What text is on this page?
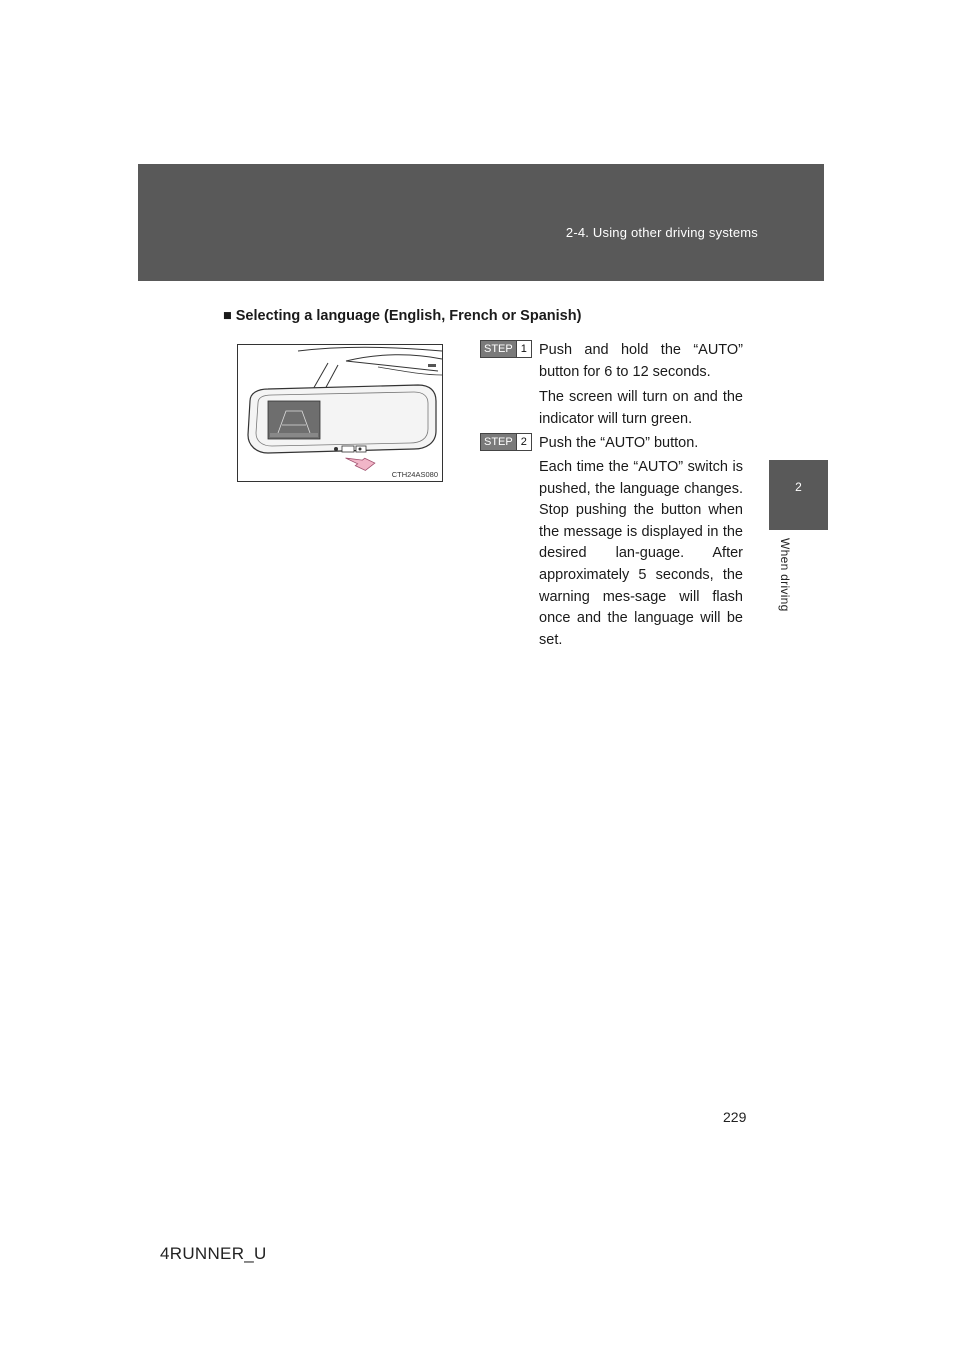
2-4. Using other driving systems
2
When driving
■ Selecting a language (English, French or Spanish)
CTH24AS080
STEP 1 Push and hold the “AUTO” button for 6 to 12 seconds.
The screen will turn on and the indicator will turn green.
STEP 2 Push the “AUTO” button.
Each time the “AUTO” switch is pushed, the language changes. Stop pushing the button when the message is displayed in the desired lan-guage. After approximately 5 seconds, the warning mes-sage will flash once and the language will be set.
229
4RUNNER_U
